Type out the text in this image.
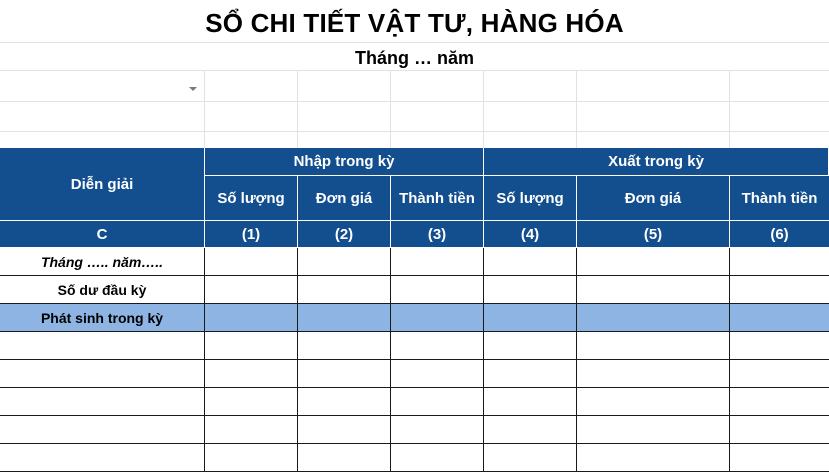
SỔ CHI TIẾT VẬT TƯ, HÀNG HÓA
Tháng … năm
Diễn giải
Nhập trong kỳ	Xuất trong kỳ
Số lượng	Đơn giá	Thành tiền	Số lượng	Đơn giá	Thành tiền
C	(1)	(2)	(3)	(4)	(5)	(6)
Tháng ….. năm…..
Số dư đầu kỳ
Phát sinh trong kỳ
